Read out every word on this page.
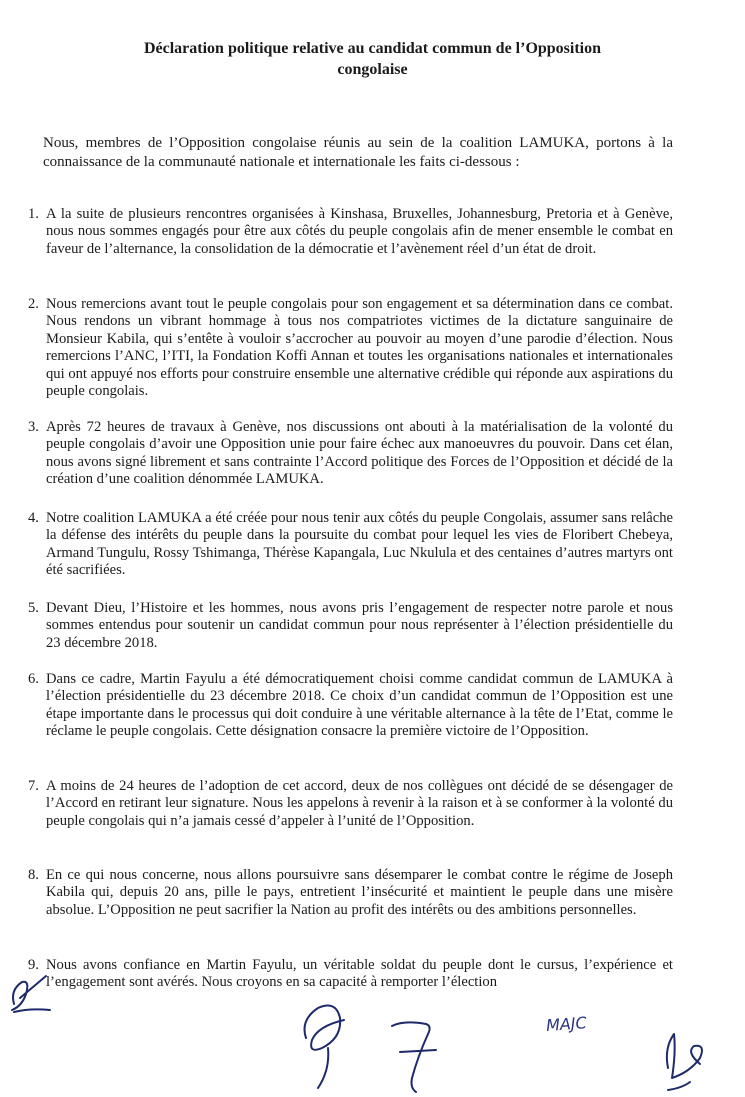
Déclaration politique relative au candidat commun de l’Opposition
congolaise
Nous, membres de l’Opposition congolaise réunis au sein de la coalition LAMUKA, portons à la connaissance de la communauté nationale et internationale les faits ci-dessous :
1. A la suite de plusieurs rencontres organisées à Kinshasa, Bruxelles, Johannesburg, Pretoria et à Genève, nous nous sommes engagés pour être aux côtés du peuple congolais afin de mener ensemble le combat en faveur de l’alternance, la consolidation de la démocratie et l’avènement réel d’un état de droit.
2. Nous remercions avant tout le peuple congolais pour son engagement et sa détermination dans ce combat. Nous rendons un vibrant hommage à tous nos compatriotes victimes de la dictature sanguinaire de Monsieur Kabila, qui s’entête à vouloir s’accrocher au pouvoir au moyen d’une parodie d’élection. Nous remercions l’ANC, l’ITI, la Fondation Koffi Annan et toutes les organisations nationales et internationales qui ont appuyé nos efforts pour construire ensemble une alternative crédible qui réponde aux aspirations du peuple congolais.
3. Après 72 heures de travaux à Genève, nos discussions ont abouti à la matérialisation de la volonté du peuple congolais d’avoir une Opposition unie pour faire échec aux manoeuvres du pouvoir. Dans cet élan, nous avons signé librement et sans contrainte l’Accord politique des Forces de l’Opposition et décidé de la création d’une coalition dénommée LAMUKA.
4. Notre coalition LAMUKA a été créée pour nous tenir aux côtés du peuple Congolais, assumer sans relâche la défense des intérêts du peuple dans la poursuite du combat pour lequel les vies de Floribert Chebeya, Armand Tungulu, Rossy Tshimanga, Thérèse Kapangala, Luc Nkulula et des centaines d’autres martyrs ont été sacrifiées.
5. Devant Dieu, l’Histoire et les hommes, nous avons pris l’engagement de respecter notre parole et nous sommes entendus pour soutenir un candidat commun pour nous représenter à l’élection présidentielle du 23 décembre 2018.
6. Dans ce cadre, Martin Fayulu a été démocratiquement choisi comme candidat commun de LAMUKA à l’élection présidentielle du 23 décembre 2018. Ce choix d’un candidat commun de l’Opposition est une étape importante dans le processus qui doit conduire à une véritable alternance à la tête de l’Etat, comme le réclame le peuple congolais. Cette désignation consacre la première victoire de l’Opposition.
7. A moins de 24 heures de l’adoption de cet accord, deux de nos collègues ont décidé de se désengager de l’Accord en retirant leur signature. Nous les appelons à revenir à la raison et à se conformer à la volonté du peuple congolais qui n’a jamais cessé d’appeler à l’unité de l’Opposition.
8. En ce qui nous concerne, nous allons poursuivre sans désemparer le combat contre le régime de Joseph Kabila qui, depuis 20 ans, pille le pays, entretient l’insécurité et maintient le peuple dans une misère absolue. L’Opposition ne peut sacrifier la Nation au profit des intérêts ou des ambitions personnelles.
9. Nous avons confiance en Martin Fayulu, un véritable soldat du peuple dont le cursus, l’expérience et l’engagement sont avérés. Nous croyons en sa capacité à remporter l’élection
MAJC
